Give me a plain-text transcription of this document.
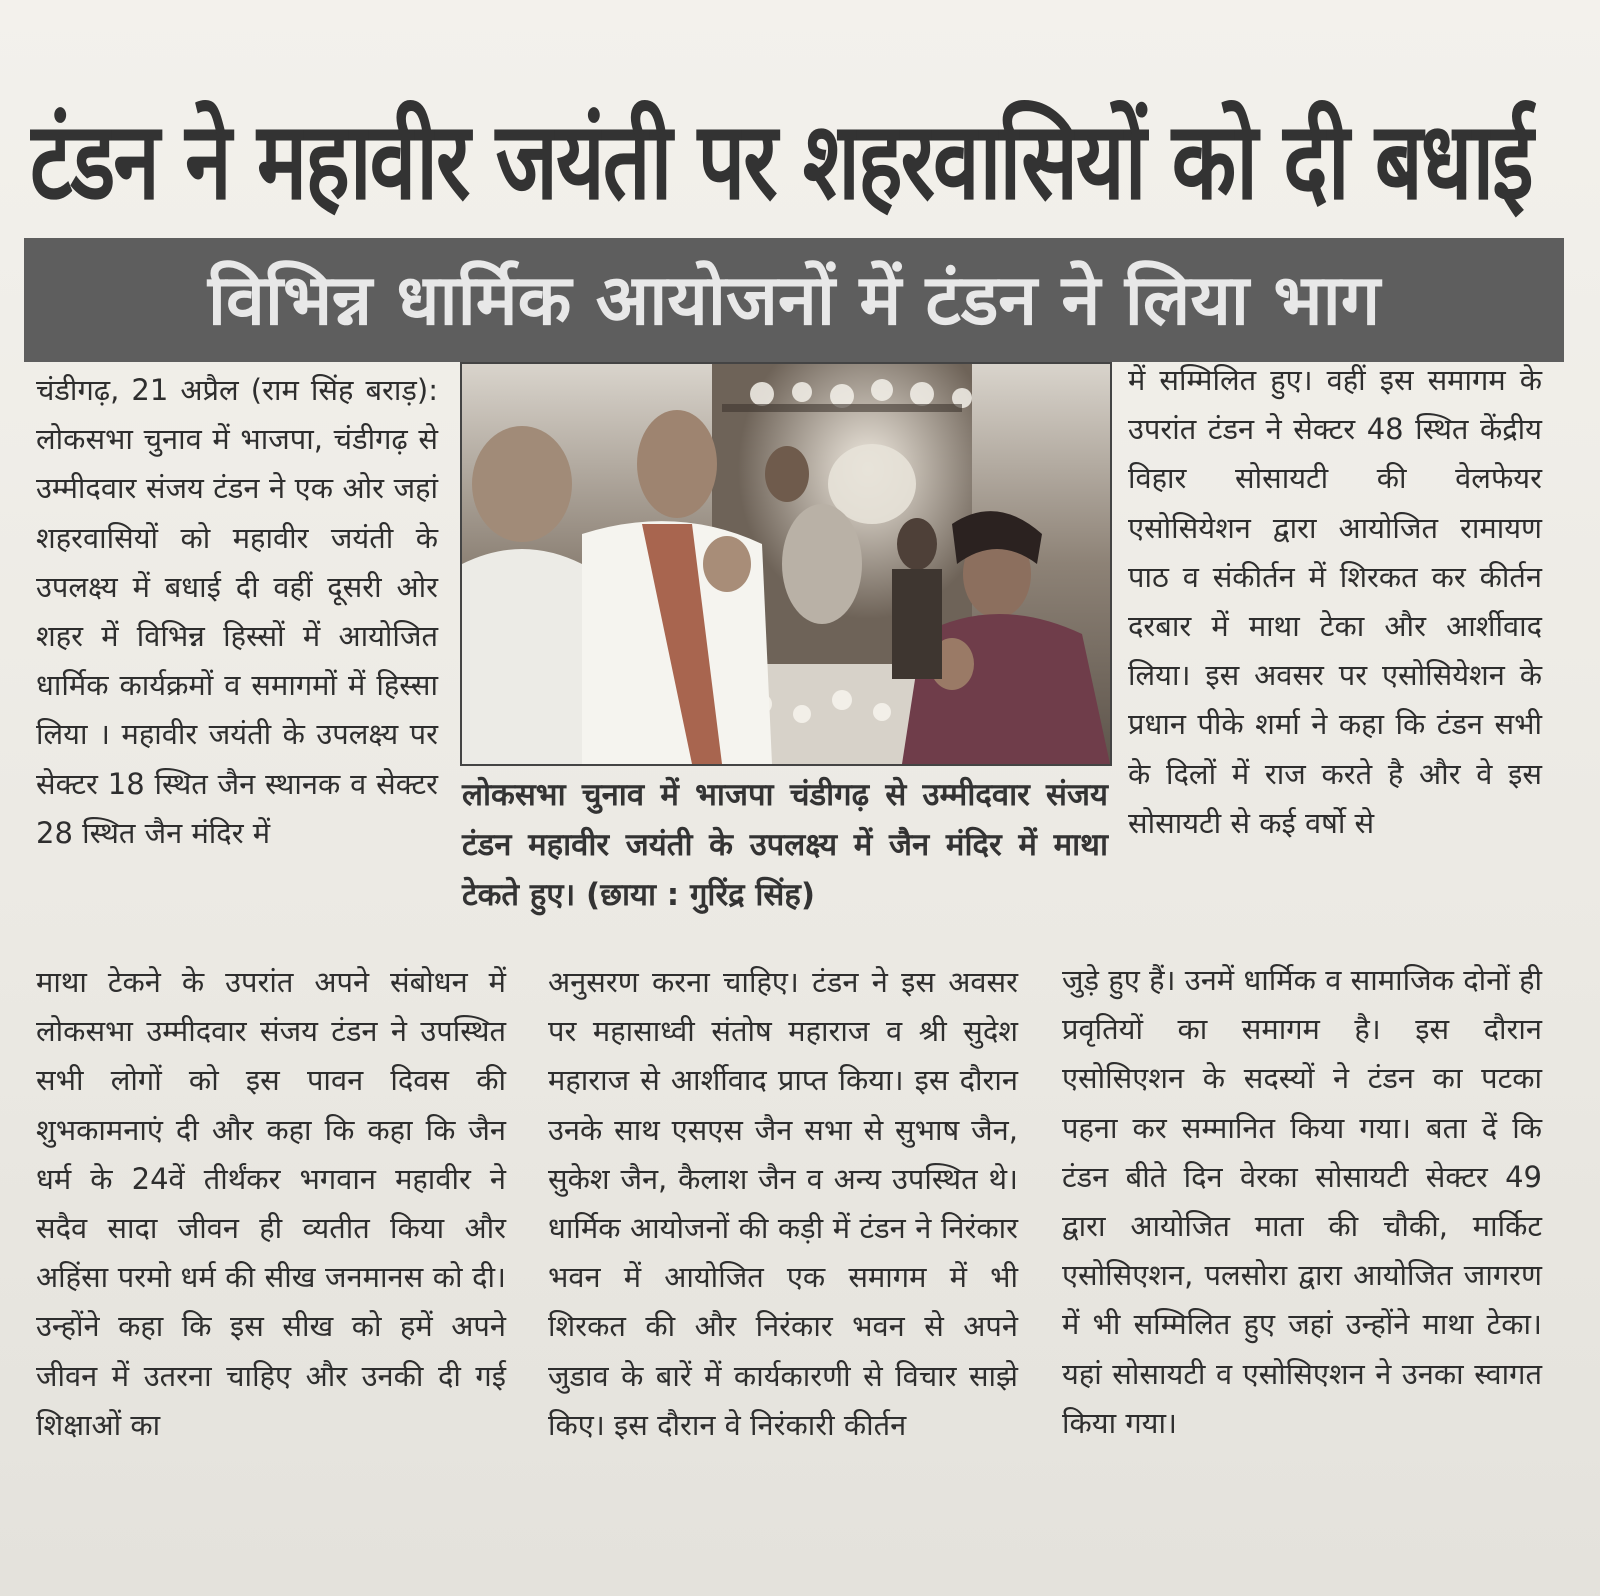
टंडन ने महावीर जयंती पर शहरवासियों को दी बधाई
विभिन्न धार्मिक आयोजनों में टंडन ने लिया भाग

चंडीगढ़, 21 अप्रैल (राम सिंह बराड़): लोकसभा चुनाव में भाजपा, चंडीगढ़ से उम्मीदवार संजय टंडन ने एक ओर जहां शहरवासियों को महावीर जयंती के उपलक्ष्य में बधाई दी वहीं दूसरी ओर शहर में विभिन्न हिस्सों में आयोजित धार्मिक कार्यक्रमों व समागमों में हिस्सा लिया । महावीर जयंती के उपलक्ष्य पर सेक्टर 18 स्थित जैन स्थानक व सेक्टर 28 स्थित जैन मंदिर में

लोकसभा चुनाव में भाजपा चंडीगढ़ से उम्मीदवार संजय टंडन महावीर जयंती के उपलक्ष्य में जैन मंदिर में माथा टेकते हुए। (छाया : गुरिंद्र सिंह)

माथा टेकने के उपरांत अपने संबोधन में लोकसभा उम्मीदवार संजय टंडन ने उपस्थित सभी लोगों को इस पावन दिवस की शुभकामनाएं दी और कहा कि कहा कि जैन धर्म के 24वें तीर्थंकर भगवान महावीर ने सदैव सादा जीवन ही व्यतीत किया और अहिंसा परमो धर्म की सीख जनमानस को दी। उन्होंने कहा कि इस सीख को हमें अपने जीवन में उतरना चाहिए और उनकी दी गई शिक्षाओं का

अनुसरण करना चाहिए। टंडन ने इस अवसर पर महासाध्वी संतोष महाराज व श्री सुदेश महाराज से आर्शीवाद प्राप्त किया। इस दौरान उनके साथ एसएस जैन सभा से सुभाष जैन, सुकेश जैन, कैलाश जैन व अन्य उपस्थित थे। धार्मिक आयोजनों की कड़ी में टंडन ने निरंकार भवन में आयोजित एक समागम में भी शिरकत की और निरंकार भवन से अपने जुडाव के बारें में कार्यकारणी से विचार साझे किए। इस दौरान वे निरंकारी कीर्तन

में सम्मिलित हुए। वहीं इस समागम के उपरांत टंडन ने सेक्टर 48 स्थित केंद्रीय विहार सोसायटी की वेलफेयर एसोसियेशन द्वारा आयोजित रामायण पाठ व संकीर्तन में शिरकत कर कीर्तन दरबार में माथा टेका और आर्शीवाद लिया। इस अवसर पर एसोसियेशन के प्रधान पीके शर्मा ने कहा कि टंडन सभी के दिलों में राज करते है और वे इस सोसायटी से कई वर्षो से

जुड़े हुए हैं। उनमें धार्मिक व सामाजिक दोनों ही प्रवृतियों का समागम है। इस दौरान एसोसिएशन के सदस्यों ने टंडन का पटका पहना कर सम्मानित किया गया। बता दें कि टंडन बीते दिन वेरका सोसायटी सेक्टर 49 द्वारा आयोजित माता की चौकी, मार्किट एसोसिएशन, पलसोरा द्वारा आयोजित जागरण में भी सम्मिलित हुए जहां उन्होंने माथा टेका। यहां सोसायटी व एसोसिएशन ने उनका स्वागत किया गया।
